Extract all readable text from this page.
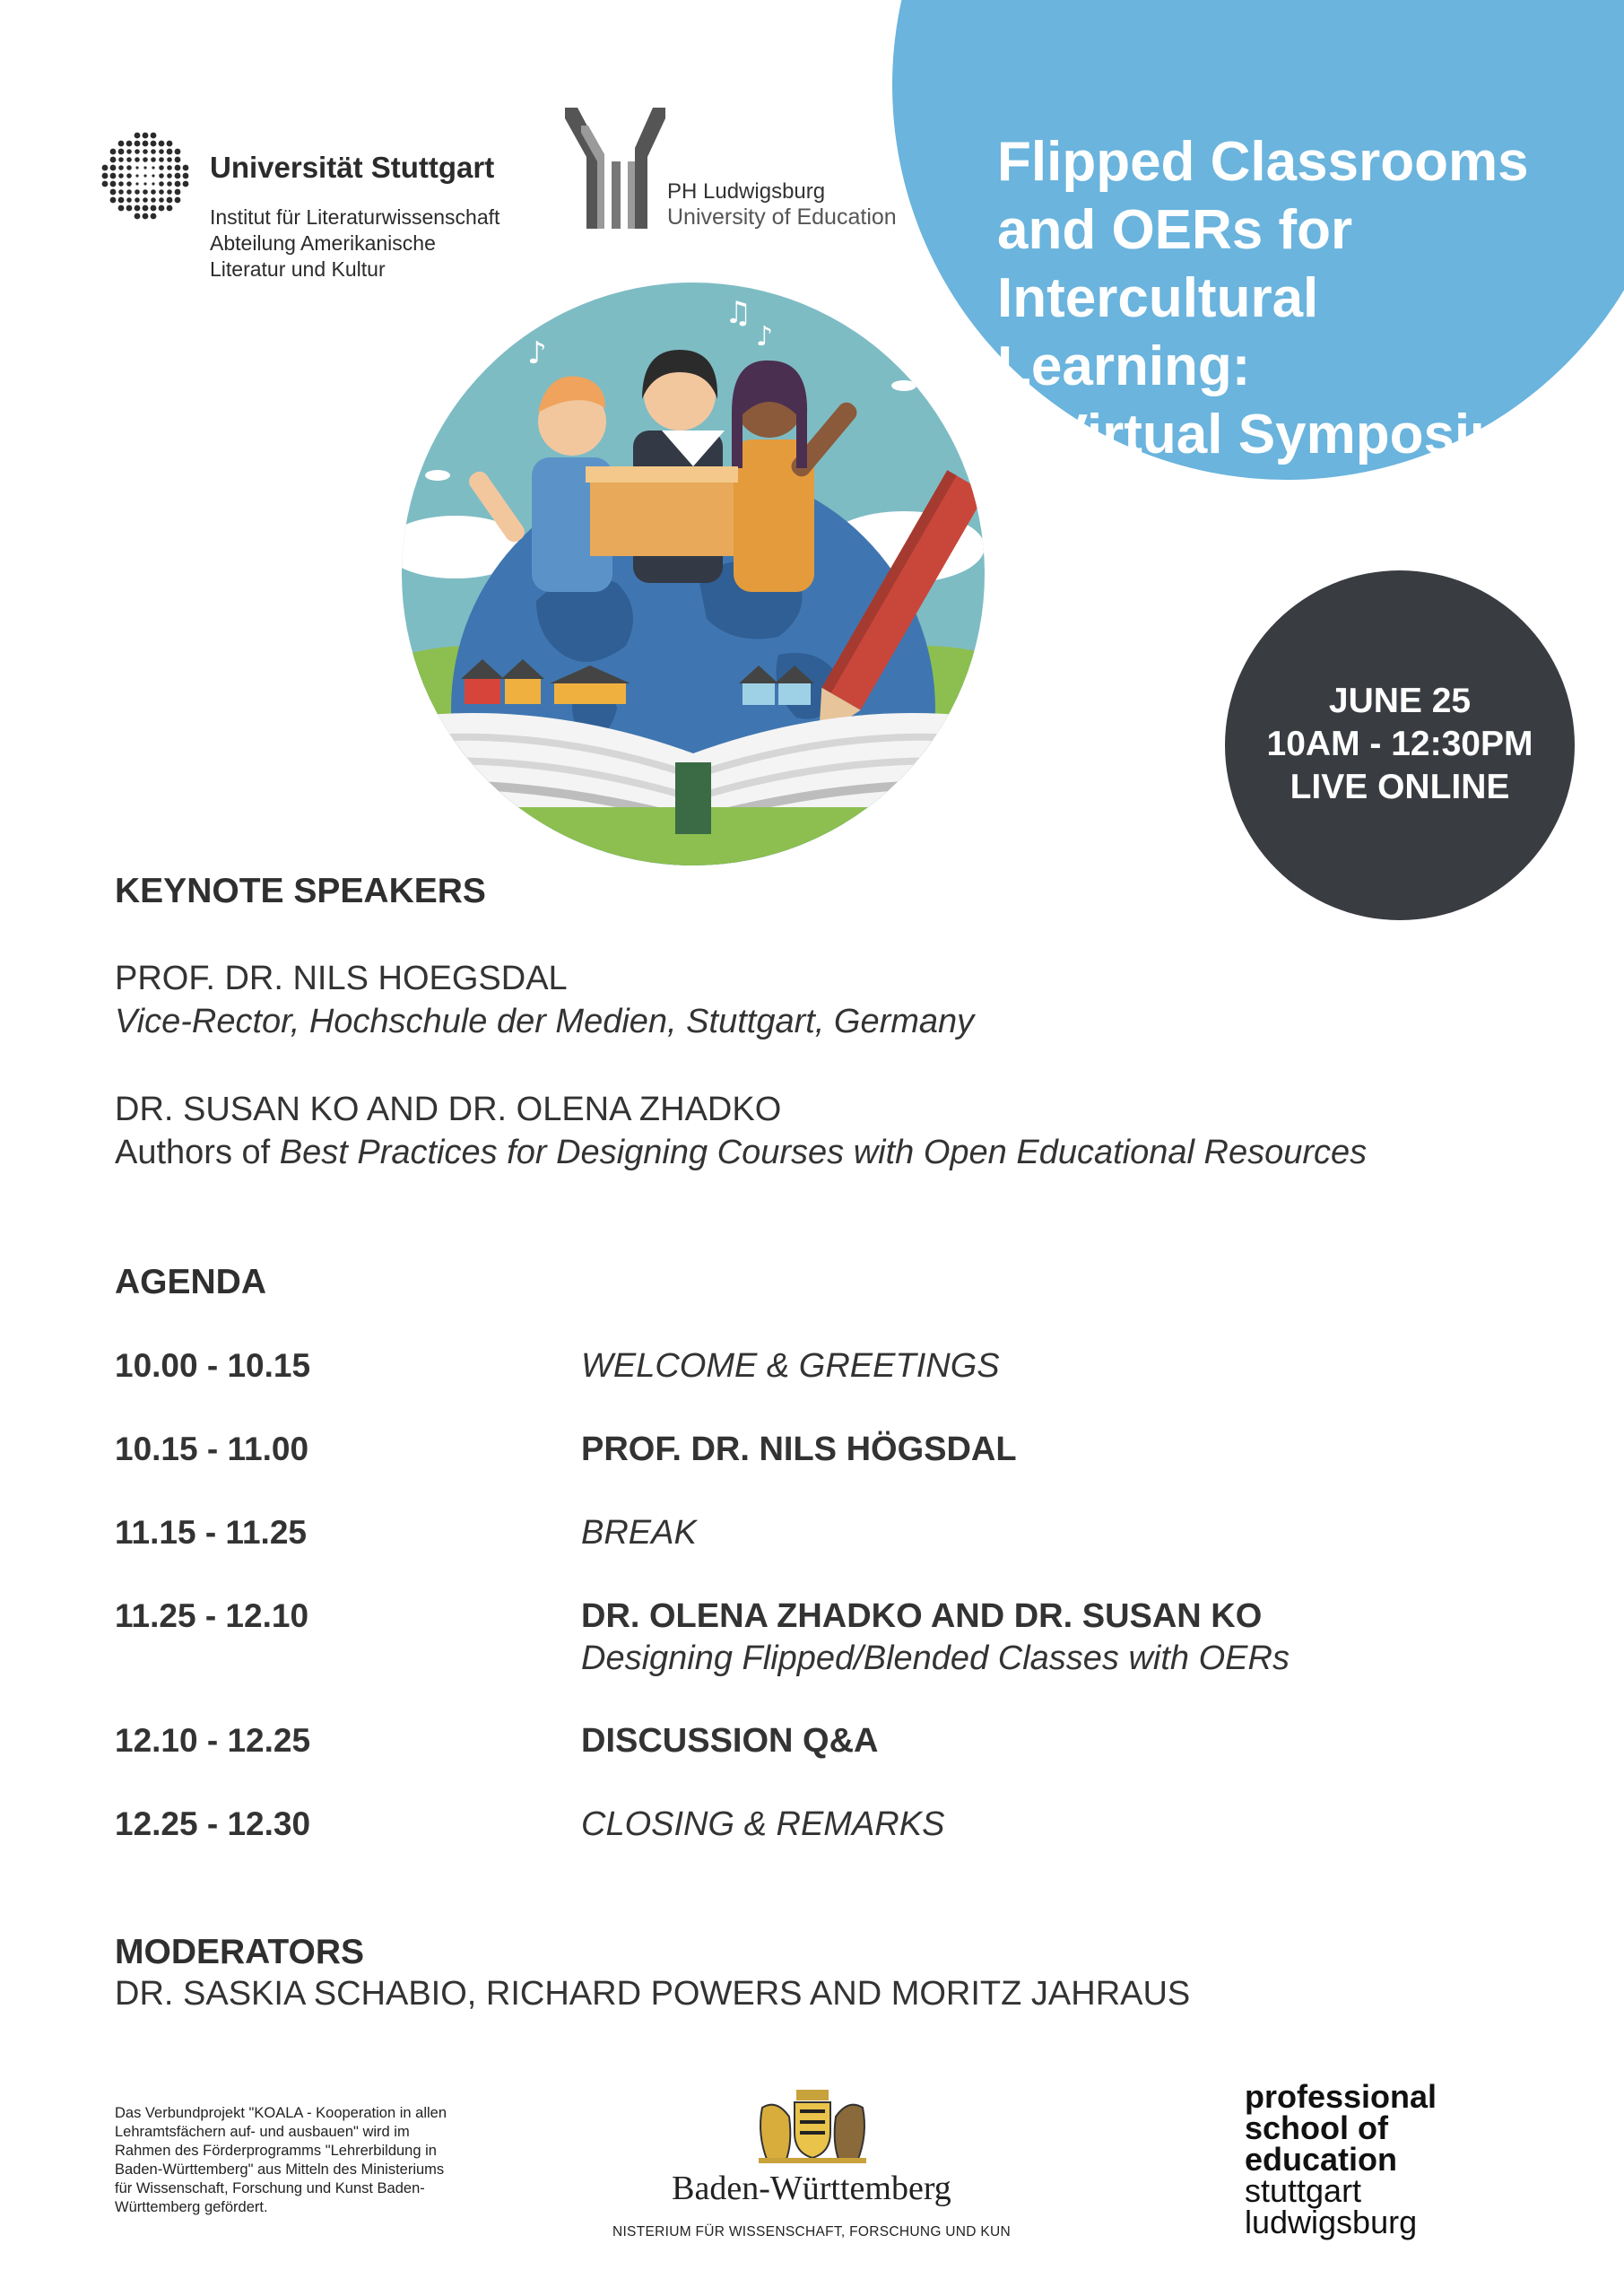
Universität Stuttgart
Institut für Literaturwissenschaft
Abteilung Amerikanische
Literatur und Kultur
PH Ludwigsburg
University of Education
Flipped Classrooms
and OERs for
Intercultural
Learning:
A Virtual Symposium
♪
♫
♪
JUNE 25
10AM - 12:30PM
LIVE ONLINE
KEYNOTE SPEAKERS
PROF. DR. NILS HOEGSDAL
Vice-Rector, Hochschule der Medien, Stuttgart, Germany
DR. SUSAN KO AND DR. OLENA ZHADKO
Authors of Best Practices for Designing Courses with Open Educational Resources
AGENDA
10.00 - 10.15	WELCOME & GREETINGS
10.15 - 11.00	PROF. DR. NILS HÖGSDAL
11.15 - 11.25	BREAK
11.25 - 12.10	DR. OLENA ZHADKO AND DR. SUSAN KO
Designing Flipped/Blended Classes with OERs
12.10 - 12.25	DISCUSSION Q&A
12.25 - 12.30	CLOSING & REMARKS
MODERATORS
DR. SASKIA SCHABIO, RICHARD POWERS AND MORITZ JAHRAUS
Das Verbundprojekt "KOALA - Kooperation in allen
Lehramtsfächern auf- und ausbauen" wird im
Rahmen des Förderprogramms "Lehrerbildung in
Baden-Württemberg" aus Mitteln des Ministeriums
für Wissenschaft, Forschung und Kunst Baden-
Württemberg gefördert.	Baden-Württemberg
NISTERIUM FÜR WISSENSCHAFT, FORSCHUNG UND KUN
professional
school of
education
stuttgart
ludwigsburg
